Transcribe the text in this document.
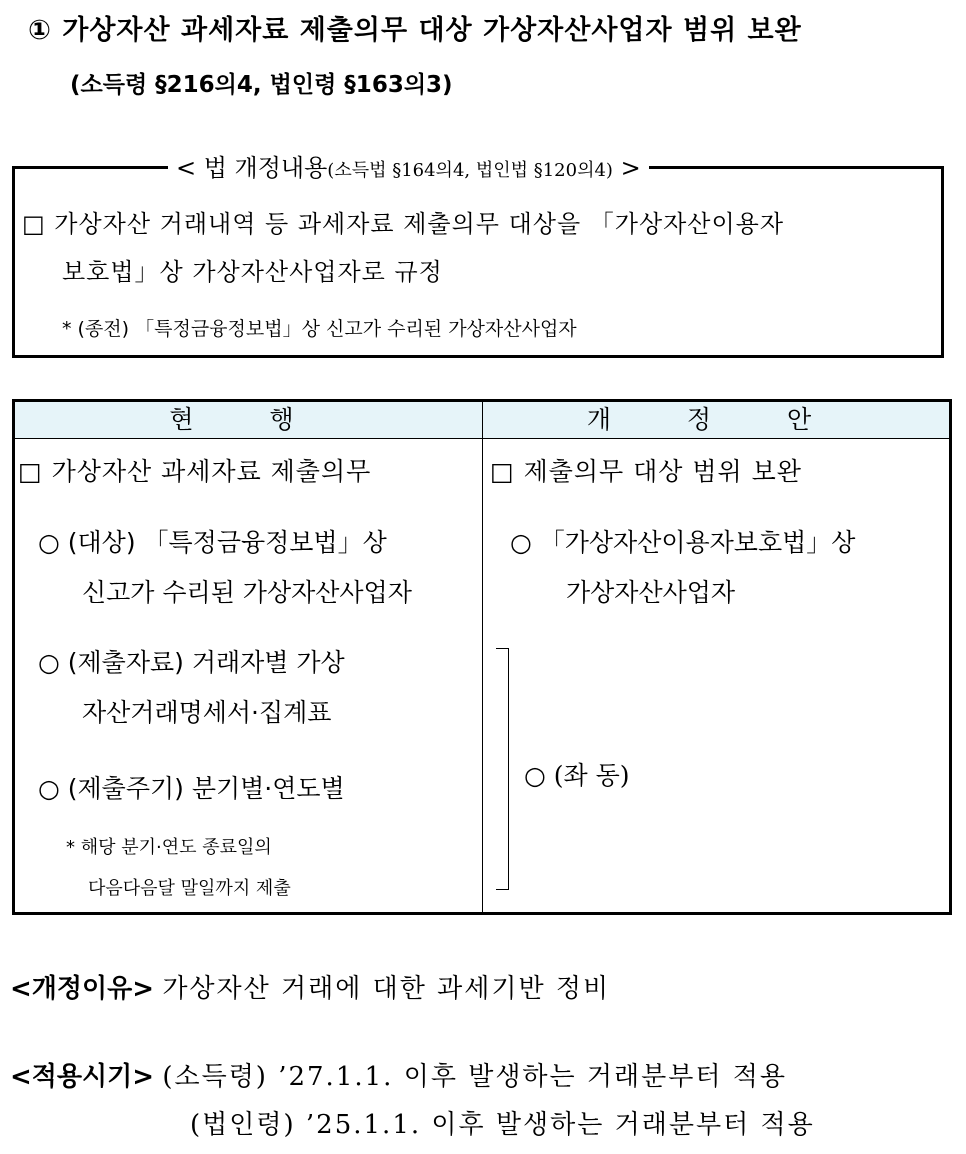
① 가상자산 과세자료 제출의무 대상 가상자산사업자 범위 보완
(소득령 §216의4, 법인령 §163의3)
< 법 개정내용(소득법 §164의4, 법인법 §120의4) >
□ 가상자산 거래내역 등 과세자료 제출의무 대상을 「가상자산이용자
보호법」상 가상자산사업자로 규정
* (종전) 「특정금융정보법」상 신고가 수리된 가상자산사업자
현 행	개 정 안
□ 가상자산 과세자료 제출의무
○ (대상) 「특정금융정보법」상
신고가 수리된 가상자산사업자
○ (제출자료) 거래자별 가상
자산거래명세서·집계표
○ (제출주기) 분기별·연도별
* 해당 분기·연도 종료일의
다음다음달 말일까지 제출
□ 제출의무 대상 범위 보완
○ 「가상자산이용자보호법」상
가상자산사업자
○ (좌 동)
<개정이유> 가상자산 거래에 대한 과세기반 정비
<적용시기> (소득령) ’27.1.1. 이후 발생하는 거래분부터 적용
(법인령) ’25.1.1. 이후 발생하는 거래분부터 적용
